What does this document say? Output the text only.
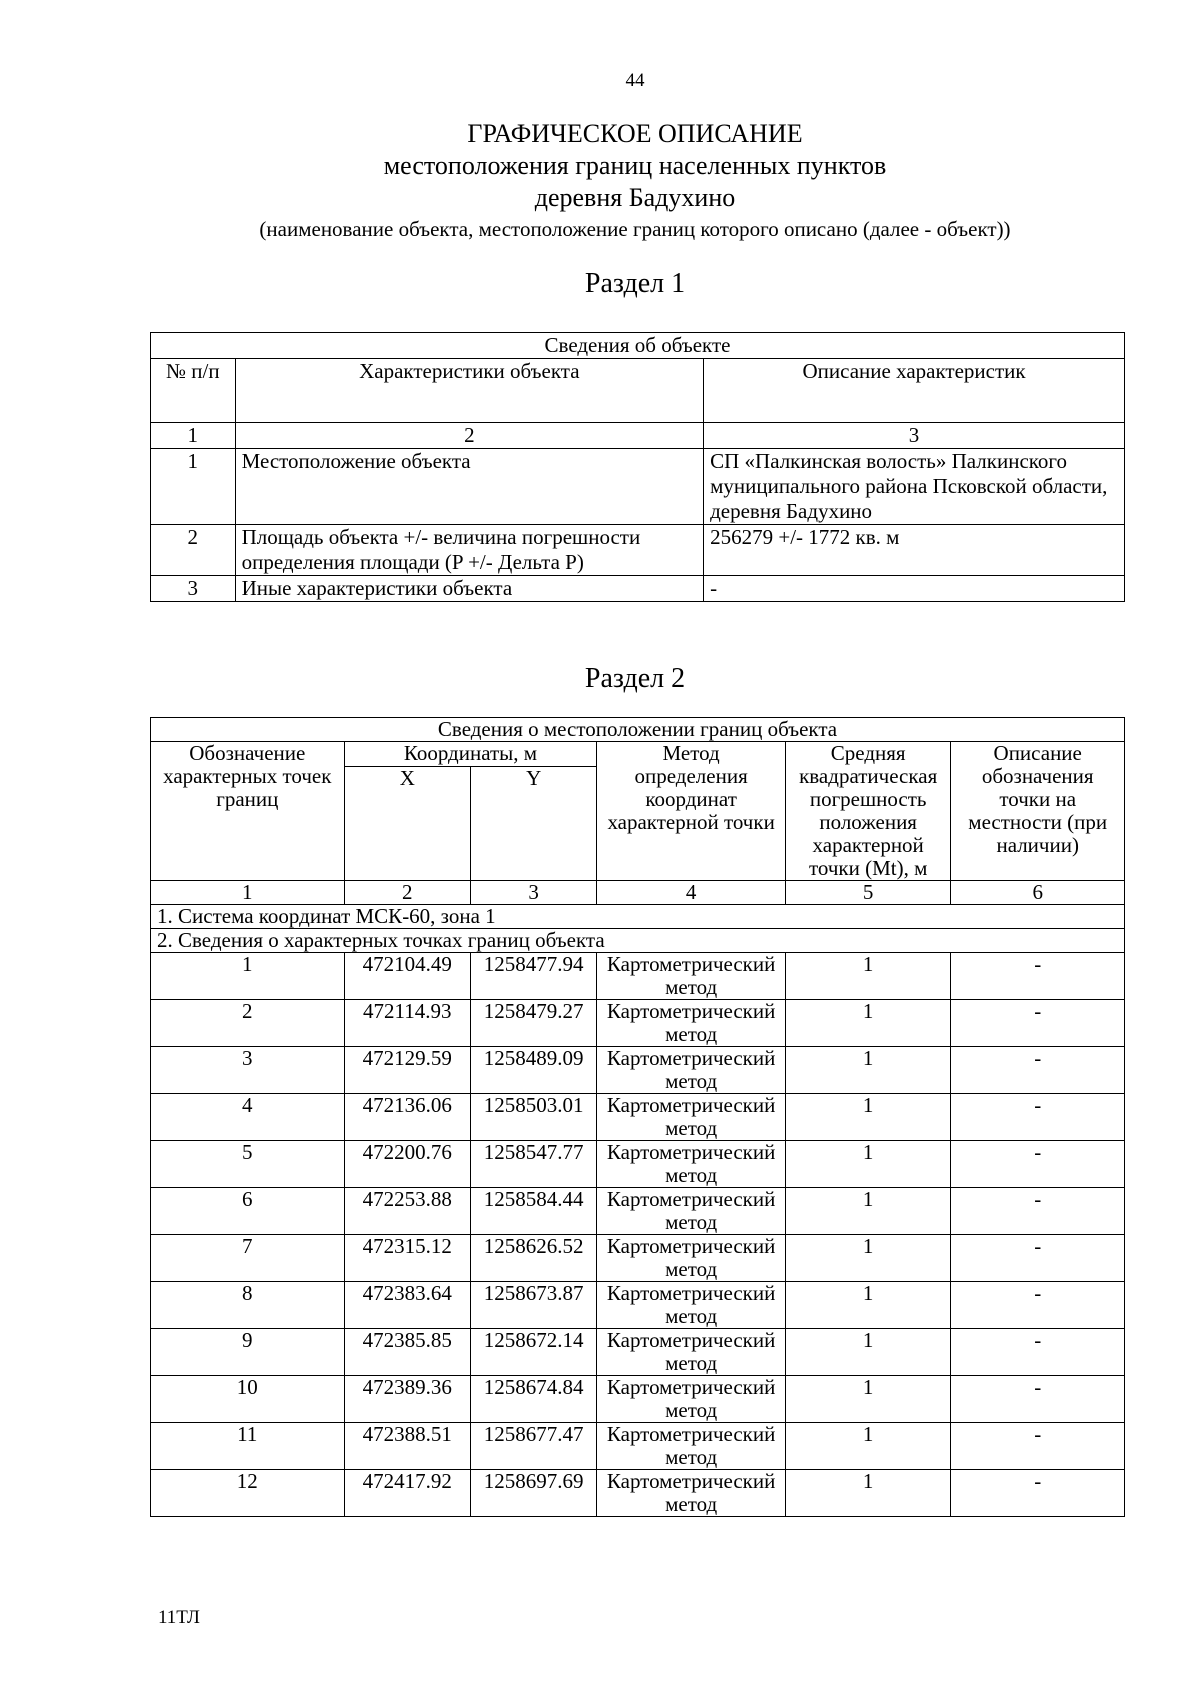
44
ГРАФИЧЕСКОЕ ОПИСАНИЕ
местоположения границ населенных пунктов
деревня Бадухино
(наименование объекта, местоположение границ которого описано (далее - объект))
Раздел 1
Сведения об объекте		
№ п/п	Характеристики объекта	Описание характеристик
1	2	3
1	Местоположение объекта	СП «Палкинская волость» Палкинского муниципального района Псковской области, деревня Бадухино
2	Площадь объекта +/- величина погрешности определения площади (P +/- Дельта P)	256279 +/- 1772 кв. м
3	Иные характеристики объекта	-
Раздел 2
Сведения о местоположении границ объекта					
Обозначение характерных точек границ	Координаты, м		Метод определения координат характерной точки	Средняя квадратическая погрешность положения характерной точки (Mt), м	Описание обозначения точки на местности (при наличии)
	X	Y			
1	2	3	4	5	6
1. Система координат МСК-60, зона 1					
2. Сведения о характерных точках границ объекта					
1	472104.49	1258477.94	Картометрический метод	1	-
2	472114.93	1258479.27	Картометрический метод	1	-
3	472129.59	1258489.09	Картометрический метод	1	-
4	472136.06	1258503.01	Картометрический метод	1	-
5	472200.76	1258547.77	Картометрический метод	1	-
6	472253.88	1258584.44	Картометрический метод	1	-
7	472315.12	1258626.52	Картометрический метод	1	-
8	472383.64	1258673.87	Картометрический метод	1	-
9	472385.85	1258672.14	Картометрический метод	1	-
10	472389.36	1258674.84	Картометрический метод	1	-
11	472388.51	1258677.47	Картометрический метод	1	-
12	472417.92	1258697.69	Картометрический метод	1	-
11ТЛ
